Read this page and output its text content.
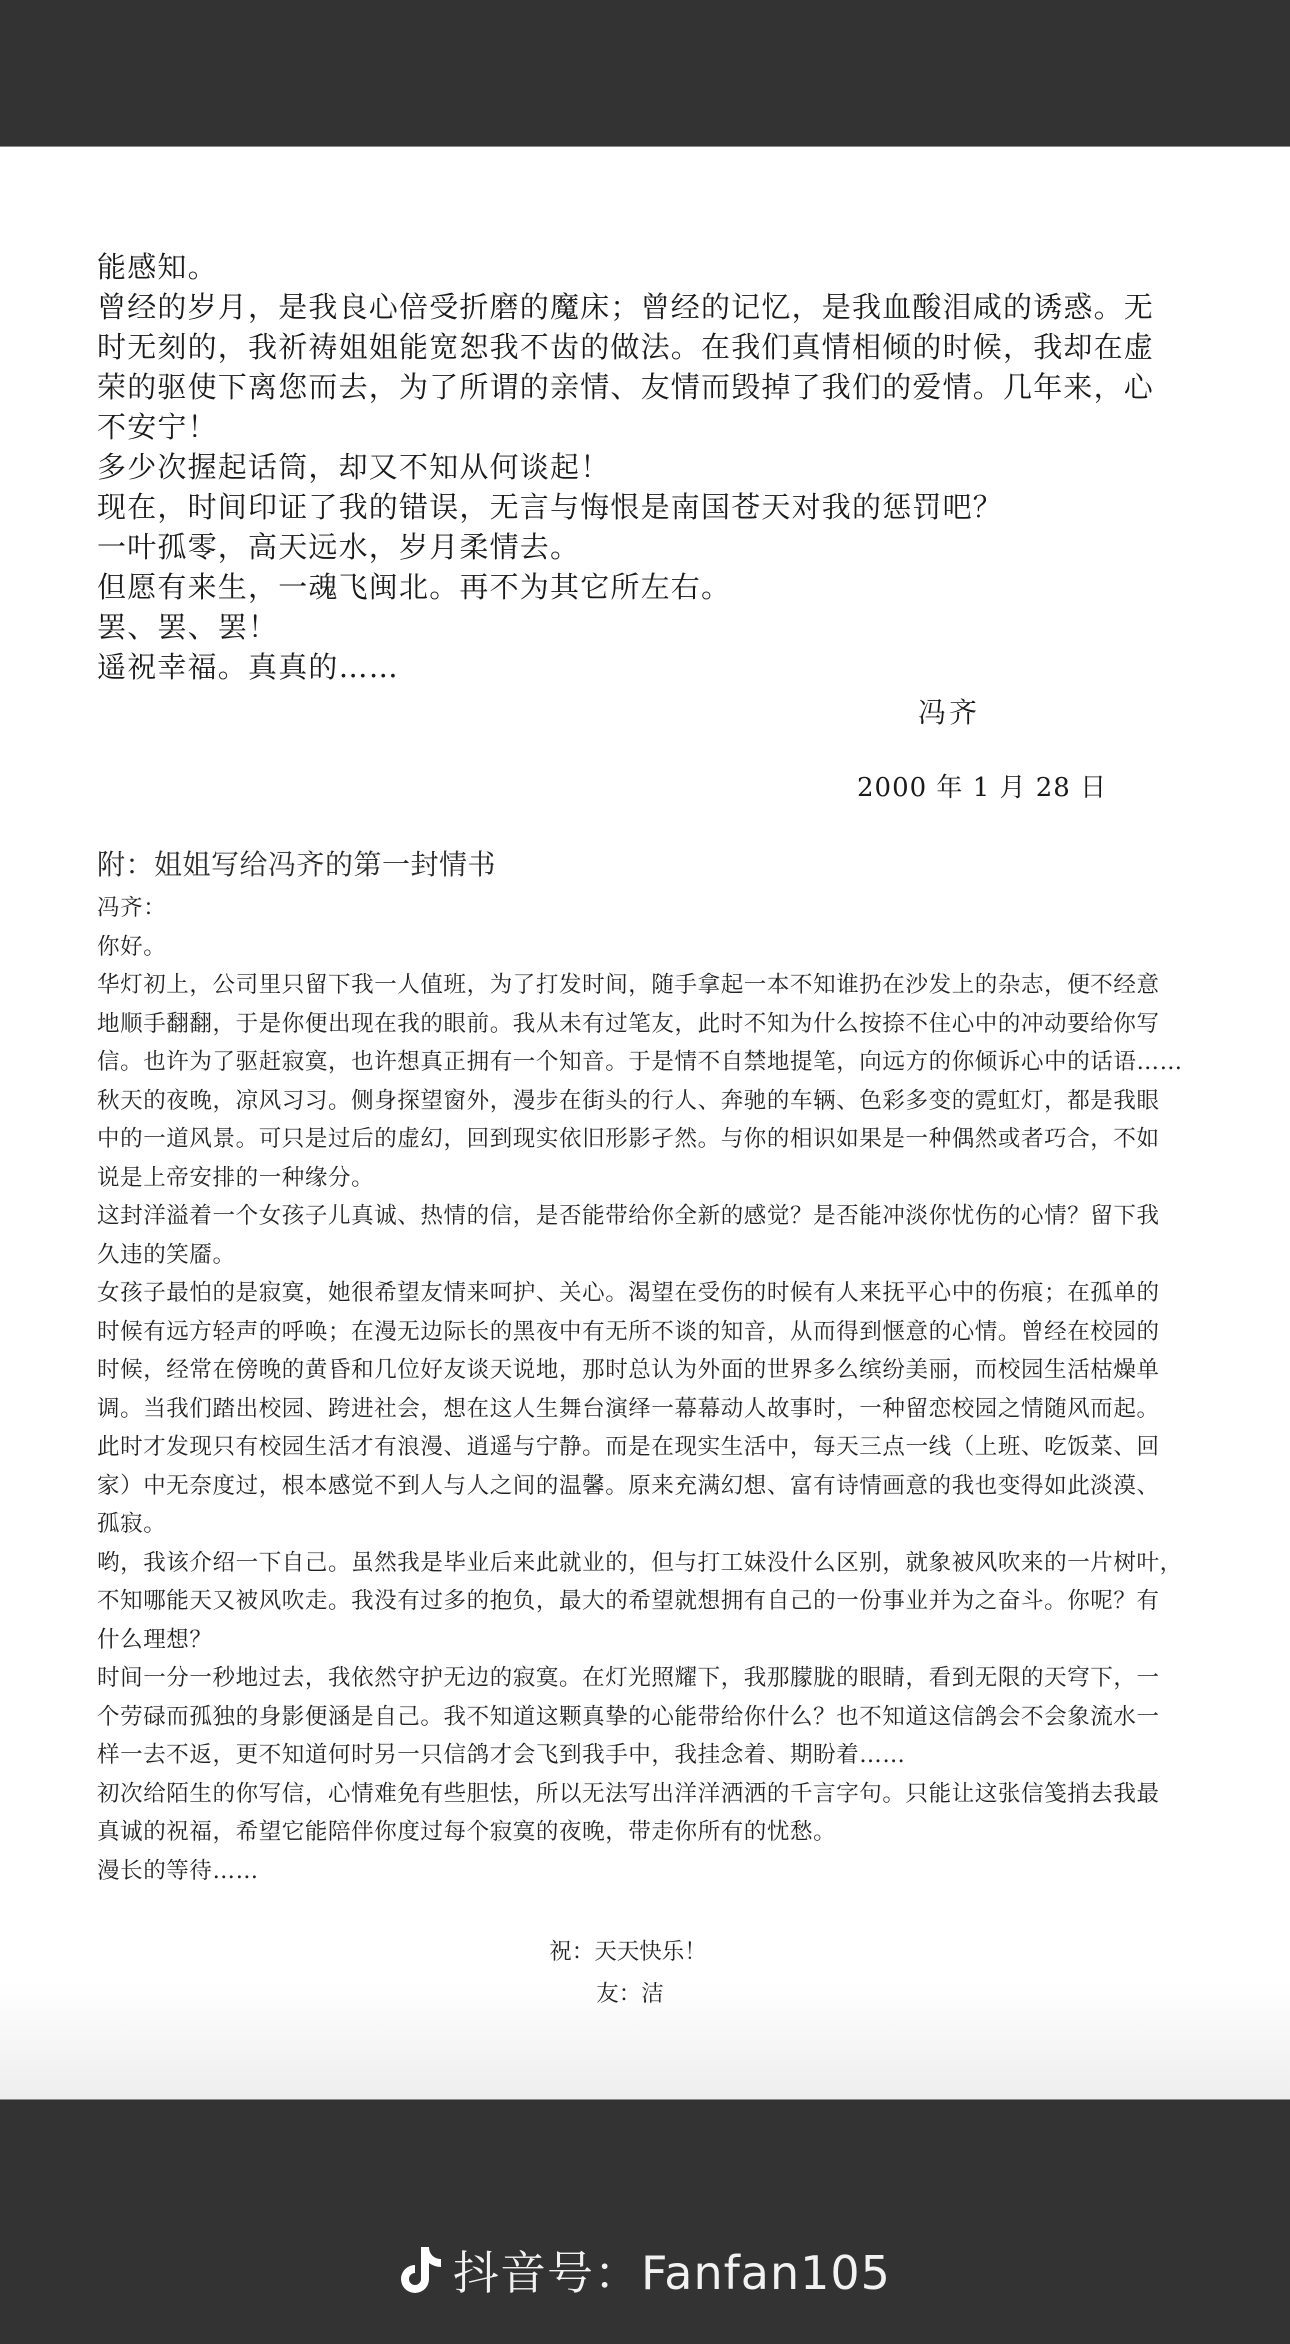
能感知。
曾经的岁月，是我良心倍受折磨的魔床；曾经的记忆，是我血酸泪咸的诱惑。无
时无刻的，我祈祷姐姐能宽恕我不齿的做法。在我们真情相倾的时候，我却在虚
荣的驱使下离您而去，为了所谓的亲情、友情而毁掉了我们的爱情。几年来，心
不安宁！
多少次握起话筒，却又不知从何谈起！
现在，时间印证了我的错误，无言与悔恨是南国苍天对我的惩罚吧？
一叶孤零，高天远水，岁月柔情去。
但愿有来生，一魂飞闽北。再不为其它所左右。
罢、罢、罢！
遥祝幸福。真真的……
冯齐
2000 年 1 月 28 日
附：姐姐写给冯齐的第一封情书
冯齐：
你好。
华灯初上，公司里只留下我一人值班，为了打发时间，随手拿起一本不知谁扔在沙发上的杂志，便不经意
地顺手翻翻，于是你便出现在我的眼前。我从未有过笔友，此时不知为什么按捺不住心中的冲动要给你写
信。也许为了驱赶寂寞，也许想真正拥有一个知音。于是情不自禁地提笔，向远方的你倾诉心中的话语……
秋天的夜晚，凉风习习。侧身探望窗外，漫步在街头的行人、奔驰的车辆、色彩多变的霓虹灯，都是我眼
中的一道风景。可只是过后的虚幻，回到现实依旧形影孑然。与你的相识如果是一种偶然或者巧合，不如
说是上帝安排的一种缘分。
这封洋溢着一个女孩子儿真诚、热情的信，是否能带给你全新的感觉？是否能冲淡你忧伤的心情？留下我
久违的笑靥。
女孩子最怕的是寂寞，她很希望友情来呵护、关心。渴望在受伤的时候有人来抚平心中的伤痕；在孤单的
时候有远方轻声的呼唤；在漫无边际长的黑夜中有无所不谈的知音，从而得到惬意的心情。曾经在校园的
时候，经常在傍晚的黄昏和几位好友谈天说地，那时总认为外面的世界多么缤纷美丽，而校园生活枯燥单
调。当我们踏出校园、跨进社会，想在这人生舞台演绎一幕幕动人故事时，一种留恋校园之情随风而起。
此时才发现只有校园生活才有浪漫、逍遥与宁静。而是在现实生活中，每天三点一线（上班、吃饭菜、回
家）中无奈度过，根本感觉不到人与人之间的温馨。原来充满幻想、富有诗情画意的我也变得如此淡漠、
孤寂。
哟，我该介绍一下自己。虽然我是毕业后来此就业的，但与打工妹没什么区别，就象被风吹来的一片树叶，
不知哪能天又被风吹走。我没有过多的抱负，最大的希望就想拥有自己的一份事业并为之奋斗。你呢？有
什么理想？
时间一分一秒地过去，我依然守护无边的寂寞。在灯光照耀下，我那朦胧的眼睛，看到无限的天穹下，一
个劳碌而孤独的身影便涵是自己。我不知道这颗真挚的心能带给你什么？也不知道这信鸽会不会象流水一
样一去不返，更不知道何时另一只信鸽才会飞到我手中，我挂念着、期盼着……
初次给陌生的你写信，心情难免有些胆怯，所以无法写出洋洋洒洒的千言字句。只能让这张信笺捎去我最
真诚的祝福，希望它能陪伴你度过每个寂寞的夜晚，带走你所有的忧愁。
漫长的等待……
祝：天天快乐！
友：洁
抖音号：Fanfan105
